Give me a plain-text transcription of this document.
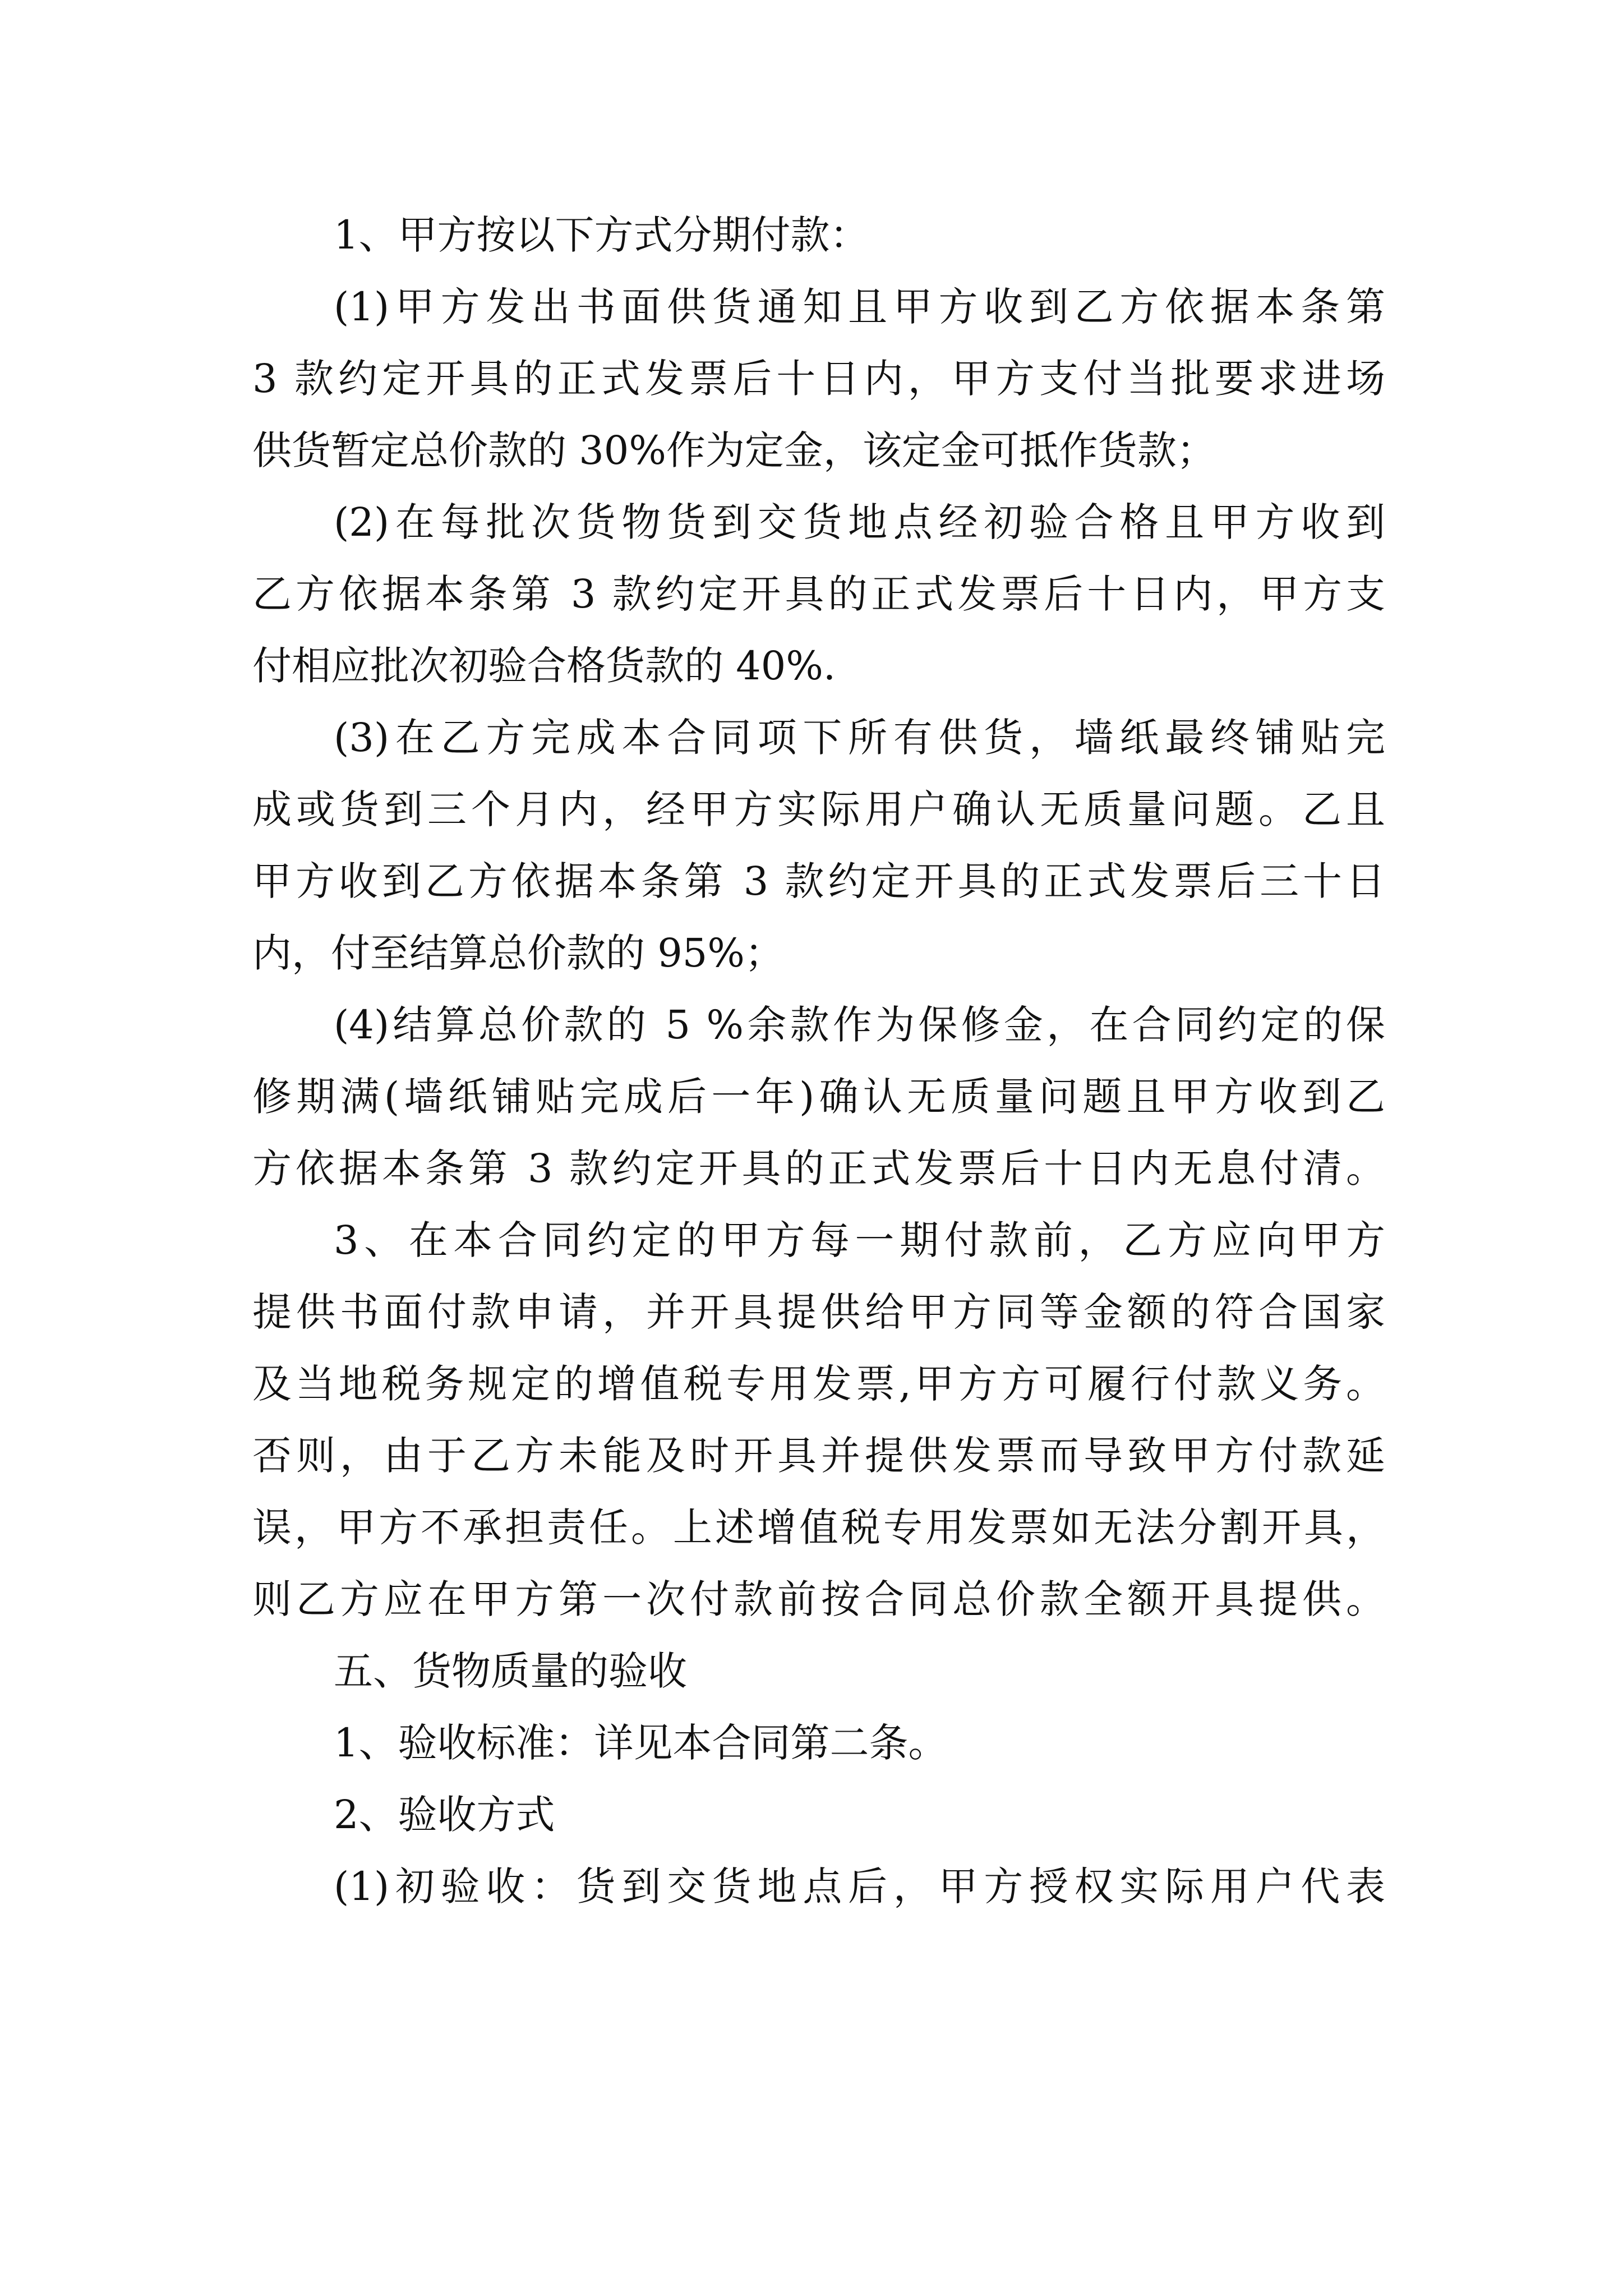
1、甲方按以下方式分期付款：
(1)甲方发出书面供货通知且甲方收到乙方依据本条第
3 款约定开具的正式发票后十日内，甲方支付当批要求进场
供货暂定总价款的 30%作为定金，该定金可抵作货款；
(2)在每批次货物货到交货地点经初验合格且甲方收到
乙方依据本条第 3 款约定开具的正式发票后十日内，甲方支
付相应批次初验合格货款的 40%.
(3)在乙方完成本合同项下所有供货，墙纸最终铺贴完
成或货到三个月内，经甲方实际用户确认无质量问题。乙且
甲方收到乙方依据本条第 3 款约定开具的正式发票后三十日
内，付至结算总价款的 95%；
(4)结算总价款的 5 %余款作为保修金，在合同约定的保
修期满(墙纸铺贴完成后一年)确认无质量问题且甲方收到乙
方依据本条第 3 款约定开具的正式发票后十日内无息付清。
3、在本合同约定的甲方每一期付款前，乙方应向甲方
提供书面付款申请，并开具提供给甲方同等金额的符合国家
及当地税务规定的增值税专用发票,甲方方可履行付款义务。
否则，由于乙方未能及时开具并提供发票而导致甲方付款延
误，甲方不承担责任。上述增值税专用发票如无法分割开具，
则乙方应在甲方第一次付款前按合同总价款全额开具提供。
五、货物质量的验收
1、验收标准：详见本合同第二条。
2、验收方式
(1)初验收：货到交货地点后，甲方授权实际用户代表
